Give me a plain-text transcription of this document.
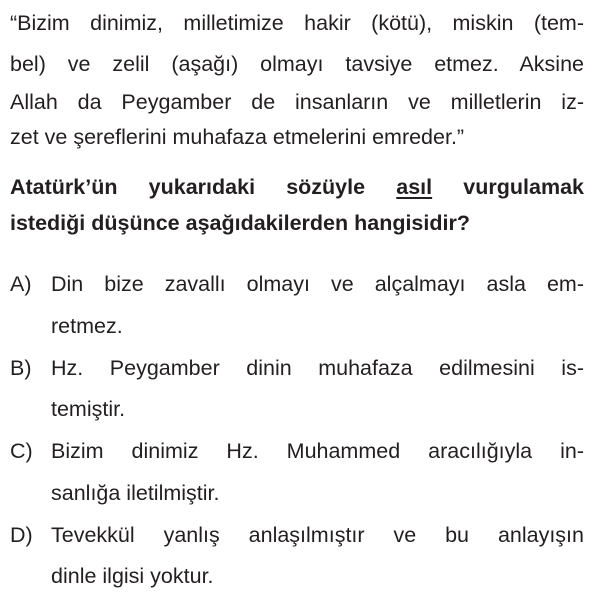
“Bizim dinimiz, milletimize hakir (kötü), miskin (tem-
bel) ve zelil (aşağı) olmayı tavsiye etmez. Aksine
Allah da Peygamber de insanların ve milletlerin iz-
zet ve şereflerini muhafaza etmelerini emreder.”
Atatürk’ün yukarıdaki sözüyle asıl vurgulamak
istediği düşünce aşağıdakilerden hangisidir?
A) Din bize zavallı olmayı ve alçalmayı asla em-
retmez.
B) Hz. Peygamber dinin muhafaza edilmesini is-
temiştir.
C) Bizim dinimiz Hz. Muhammed aracılığıyla in-
sanlığa iletilmiştir.
D) Tevekkül yanlış anlaşılmıştır ve bu anlayışın
dinle ilgisi yoktur.
